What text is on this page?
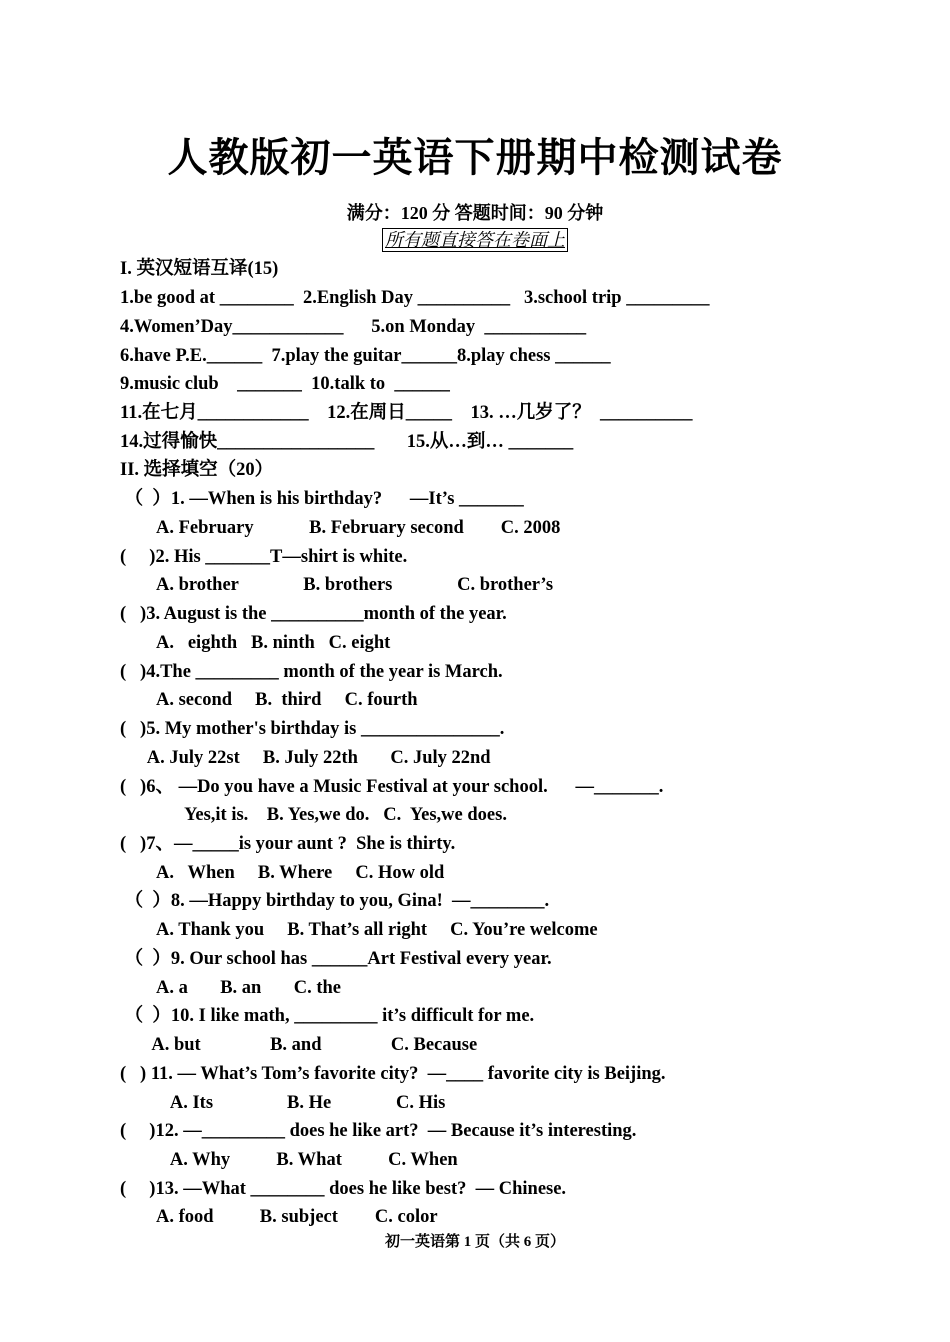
人教版初一英语下册期中检测试卷
满分：120 分 答题时间：90 分钟
所有题直接答在卷面上
I. 英汉短语互译(15)
1.be good at ________  2.English Day __________   3.school trip _________
4.Women’Day____________      5.on Monday  ___________
6.have P.E.______  7.play the guitar______8.play chess ______
9.music club    _______  10.talk to  ______
11.在七月____________    12.在周日_____    13. …几岁了？  __________
14.过得愉快_________________       15.从…到… _______
II. 选择填空（20）
（  ）1. —When is his birthday?      —It’s _______
A. February            B. February second        C. 2008
(     )2. His _______T—shirt is white.
A. brother              B. brothers              C. brother’s
(   )3. August is the __________month of the year.
A.   eighth   B. ninth   C. eight
(   )4.The _________ month of the year is March.
A. second     B.  third     C. fourth
(   )5. My mother's birthday is _______________.
A. July 22st     B. July 22th       C. July 22nd
(   )6、 —Do you have a Music Festival at your school.      —_______.
Yes,it is.    B. Yes,we do.   C.  Yes,we does.
(   )7、—_____is your aunt ?  She is thirty.
A.   When     B. Where     C. How old
（  ）8. —Happy birthday to you, Gina!  —________.
A. Thank you     B. That’s all right     C. You’re welcome
（  ）9. Our school has ______Art Festival every year.
A. a       B. an       C. the
（  ）10. I like math, _________ it’s difficult for me.
A. but               B. and               C. Because
(   ) 11. — What’s Tom’s favorite city?  —____ favorite city is Beijing.
A. Its                B. He              C. His
(     )12. —_________ does he like art?  — Because it’s interesting.
A. Why          B. What          C. When
(     )13. —What ________ does he like best?  — Chinese.
A. food          B. subject        C. color
初一英语第 1 页（共 6 页）
